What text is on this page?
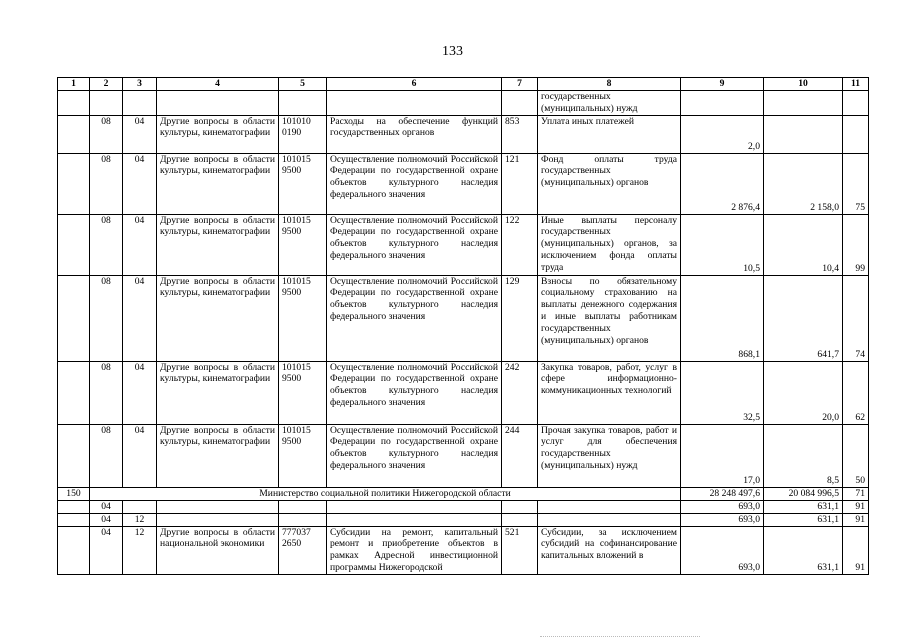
133
1	2	3	4	5	6	7	8	9	10	11
							государственных (муниципальных) нужд			
	08	04	Другие вопросы в области культуры, кинематографии	101010 0190	Расходы на обеспечение функций государственных органов	853	Уплата иных платежей	2,0		
	08	04	Другие вопросы в области культуры, кинематографии	101015 9500	Осуществление полномочий Российской Федерации по государственной охране объектов культурного наследия федерального значения	121	Фонд оплаты труда государственных (муниципальных) органов	2 876,4	2 158,0	75
	08	04	Другие вопросы в области культуры, кинематографии	101015 9500	Осуществление полномочий Российской Федерации по государственной охране объектов культурного наследия федерального значения	122	Иные выплаты персоналу государственных (муниципальных) органов, за исключением фонда оплаты труда	10,5	10,4	99
	08	04	Другие вопросы в области культуры, кинематографии	101015 9500	Осуществление полномочий Российской Федерации по государственной охране объектов культурного наследия федерального значения	129	Взносы по обязательному социальному страхованию на выплаты денежного содержания и иные выплаты работникам государственных (муниципальных) органов	868,1	641,7	74
	08	04	Другие вопросы в области культуры, кинематографии	101015 9500	Осуществление полномочий Российской Федерации по государственной охране объектов культурного наследия федерального значения	242	Закупка товаров, работ, услуг в сфере информационно-коммуникационных технологий	32,5	20,0	62
	08	04	Другие вопросы в области культуры, кинематографии	101015 9500	Осуществление полномочий Российской Федерации по государственной охране объектов культурного наследия федерального значения	244	Прочая закупка товаров, работ и услуг для обеспечения государственных (муниципальных) нужд	17,0	8,5	50
150	Министерство социальной политики Нижегородской области							28 248 497,6	20 084 996,5	71
	04							693,0	631,1	91
	04	12						693,0	631,1	91
	04	12	Другие вопросы в области национальной экономики	777037 2650	Субсидии на ремонт, капитальный ремонт и приобретение объектов в рамках Адресной инвестиционной программы Нижегородской	521	Субсидии, за исключением субсидий на софинансирование капитальных вложений в	693,0	631,1	91
